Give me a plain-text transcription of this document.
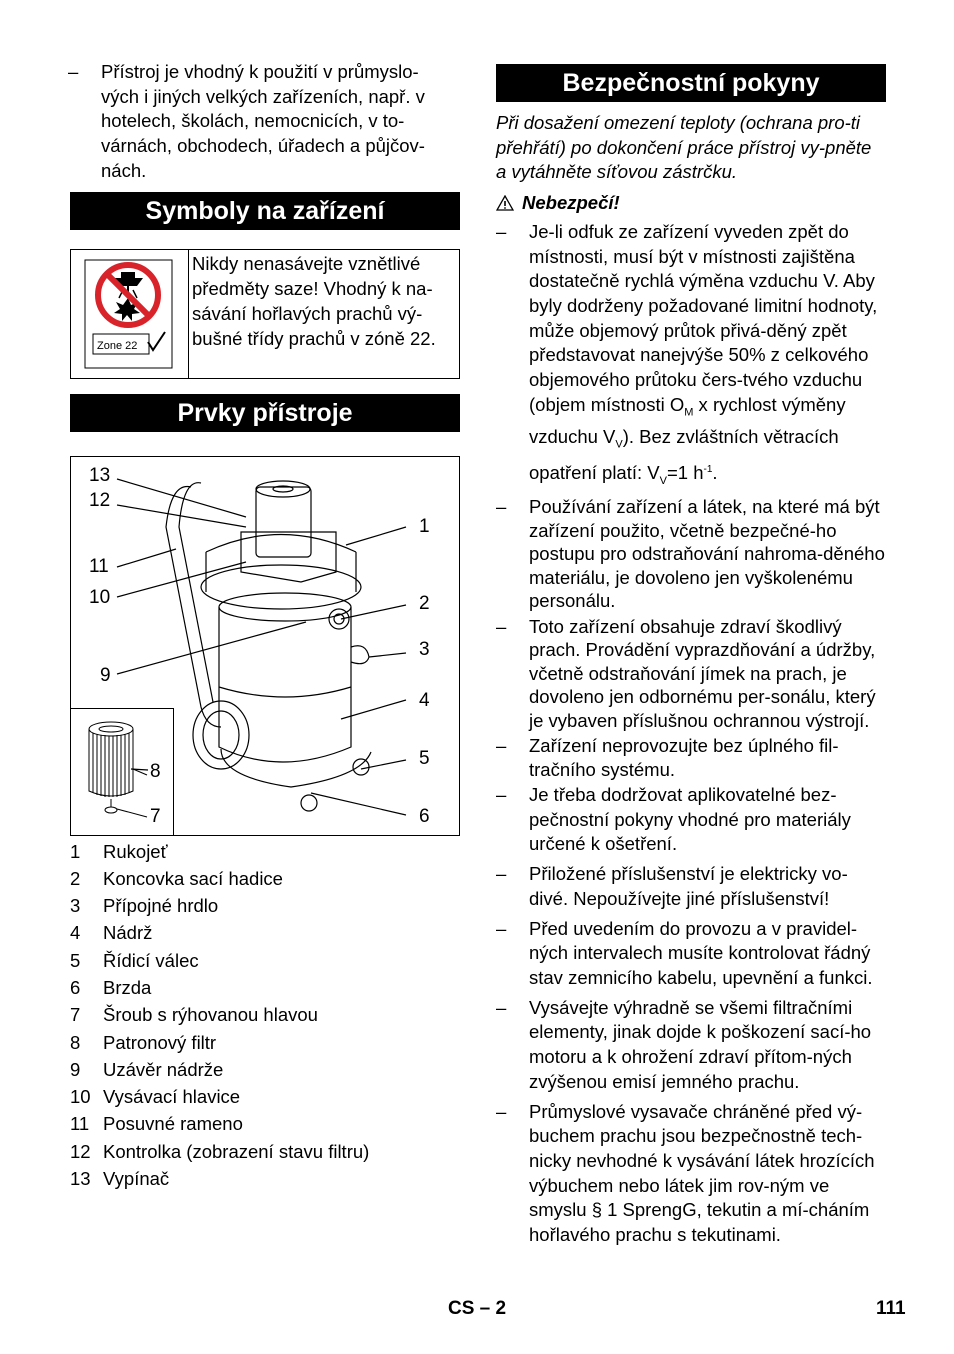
–	Přístroj je vhodný k použití v průmyslo-vých i jiných velkých zařízeních, např. v hotelech, školách, nemocnicích, v to-várnách, obchodech, úřadech a půjčov-nách.
Symboly na zařízení
Zone 22
Nikdy nenasávejte vznětlivé předměty saze! Vhodný k na-sávání hořlavých prachů vý-bušné třídy prachů v zóně 22.
Prvky přístroje
13
12
11
10
9
8
7
1
2
3
4
5
6
1	Rukojeť
2	Koncovka sací hadice
3	Přípojné hrdlo
4	Nádrž
5	Řídicí válec
6	Brzda
7	Šroub s rýhovanou hlavou
8	Patronový filtr
9	Uzávěr nádrže
10 Vysávací hlavice
11 Posuvné rameno
12 Kontrolka (zobrazení stavu filtru)
13 Vypínač
Bezpečnostní pokyny
Při dosažení omezení teploty (ochrana pro-ti přehřátí) po dokončení práce přístroj vy-pněte a vytáhněte síťovou zástrčku.
Nebezpečí!
–	Je-li odfuk ze zařízení vyveden zpět do místnosti, musí být v místnosti zajištěna dostatečně rychlá výměna vzduchu V. Aby byly dodrženy požadované limitní hodnoty, může objemový průtok přivá-děný zpět představovat nanejvýše 50% z celkového objemového průtoku čers-tvého vzduchu (objem místnosti $O_M$ x rychlost výměny vzduchu $V_V$). Bez zvláštních větracích opatření platí: $V_V=1$ $h^{-1}$.
–	Používání zařízení a látek, na které má být zařízení použito, včetně bezpečné-ho postupu pro odstraňování nahroma-děného materiálu, je dovoleno jen vyškolenému personálu.
–	Toto zařízení obsahuje zdraví škodlivý prach. Provádění vyprazdňování a údržby, včetně odstraňování jímek na prach, je dovoleno jen odbornému per-sonálu, který je vybaven příslušnou ochrannou výstrojí.
–	Zařízení neprovozujte bez úplného fil-tračního systému.
–	Je třeba dodržovat aplikovatelné bez-pečnostní pokyny vhodné pro materiály určené k ošetření.
–	Přiložené příslušenství je elektricky vo-divé. Nepoužívejte jiné příslušenství!
–	Před uvedením do provozu a v pravidel-ných intervalech musíte kontrolovat řádný stav zemnicího kabelu, upevnění a funkci.
–	Vysávejte výhradně se všemi filtračními elementy, jinak dojde k poškození sací-ho motoru a k ohrožení zdraví přítom-ných zvýšenou emisí jemného prachu.
–	Průmyslové vysavače chráněné před vý-buchem prachu jsou bezpečnostně tech-nicky nevhodné k vysávání látek hrozících výbuchem nebo látek jim rov-ným ve smyslu § 1 SprengG, tekutin a mí-cháním hořlavého prachu s tekutinami.
CS – 2	111
